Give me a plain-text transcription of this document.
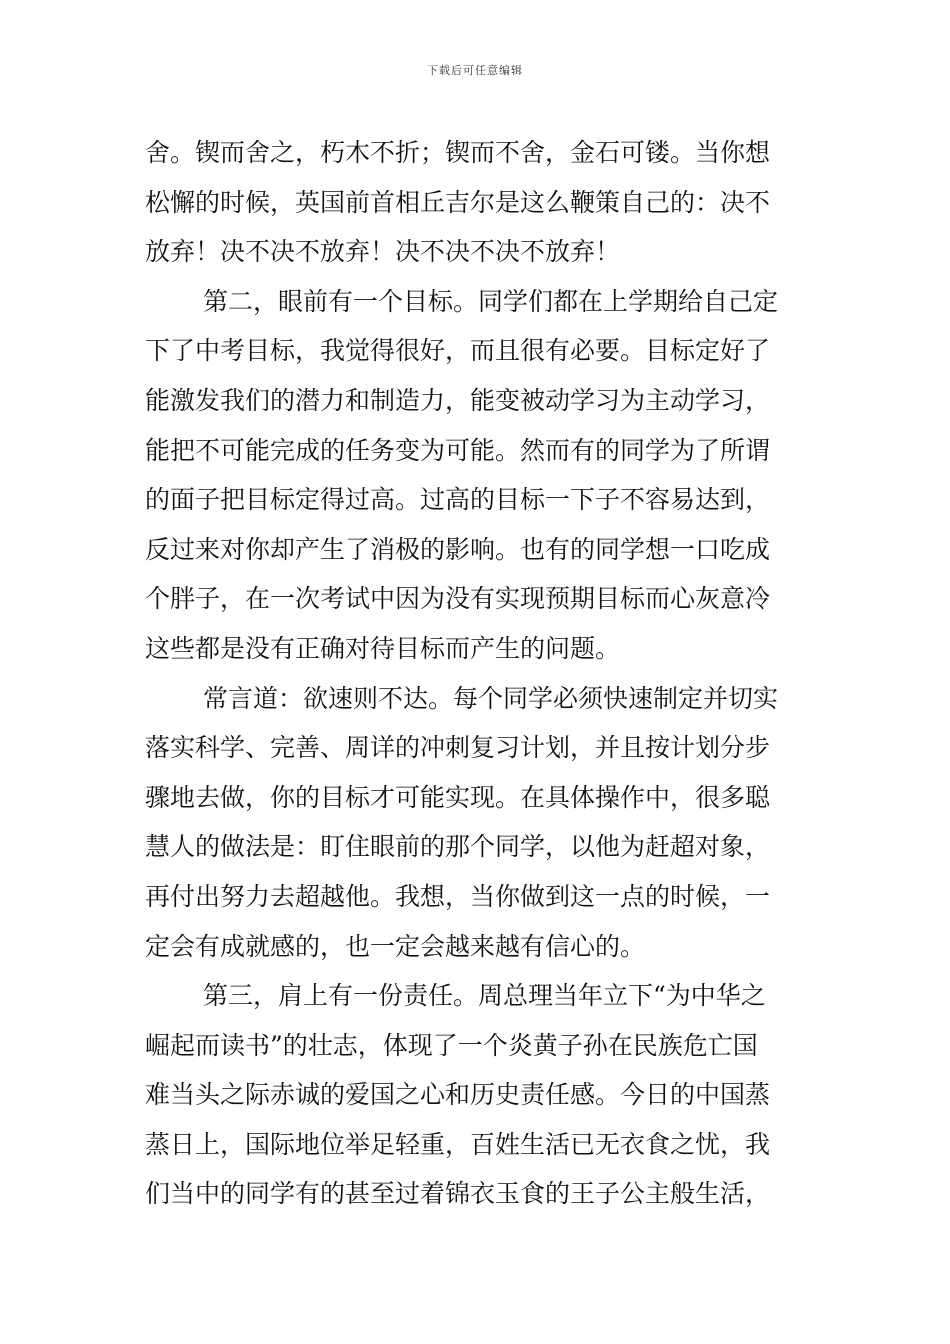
下载后可任意编辑
舍。锲而舍之，朽木不折；锲而不舍，金石可镂。当你想
松懈的时候，英国前首相丘吉尔是这么鞭策自己的：决不
放弃！决不决不放弃！决不决不决不放弃！
第二，眼前有一个目标。同学们都在上学期给自己定
下了中考目标，我觉得很好，而且很有必要。目标定好了
能激发我们的潜力和制造力，能变被动学习为主动学习，
能把不可能完成的任务变为可能。然而有的同学为了所谓
的面子把目标定得过高。过高的目标一下子不容易达到，
反过来对你却产生了消极的影响。也有的同学想一口吃成
个胖子，在一次考试中因为没有实现预期目标而心灰意冷
这些都是没有正确对待目标而产生的问题。
常言道：欲速则不达。每个同学必须快速制定并切实
落实科学、完善、周详的冲刺复习计划，并且按计划分步
骤地去做，你的目标才可能实现。在具体操作中，很多聪
慧人的做法是：盯住眼前的那个同学，以他为赶超对象，
再付出努力去超越他。我想，当你做到这一点的时候，一
定会有成就感的，也一定会越来越有信心的。
第三，肩上有一份责任。周总理当年立下“为中华之
崛起而读书”的壮志，体现了一个炎黄子孙在民族危亡国
难当头之际赤诚的爱国之心和历史责任感。今日的中国蒸
蒸日上，国际地位举足轻重，百姓生活已无衣食之忧，我
们当中的同学有的甚至过着锦衣玉食的王子公主般生活，
